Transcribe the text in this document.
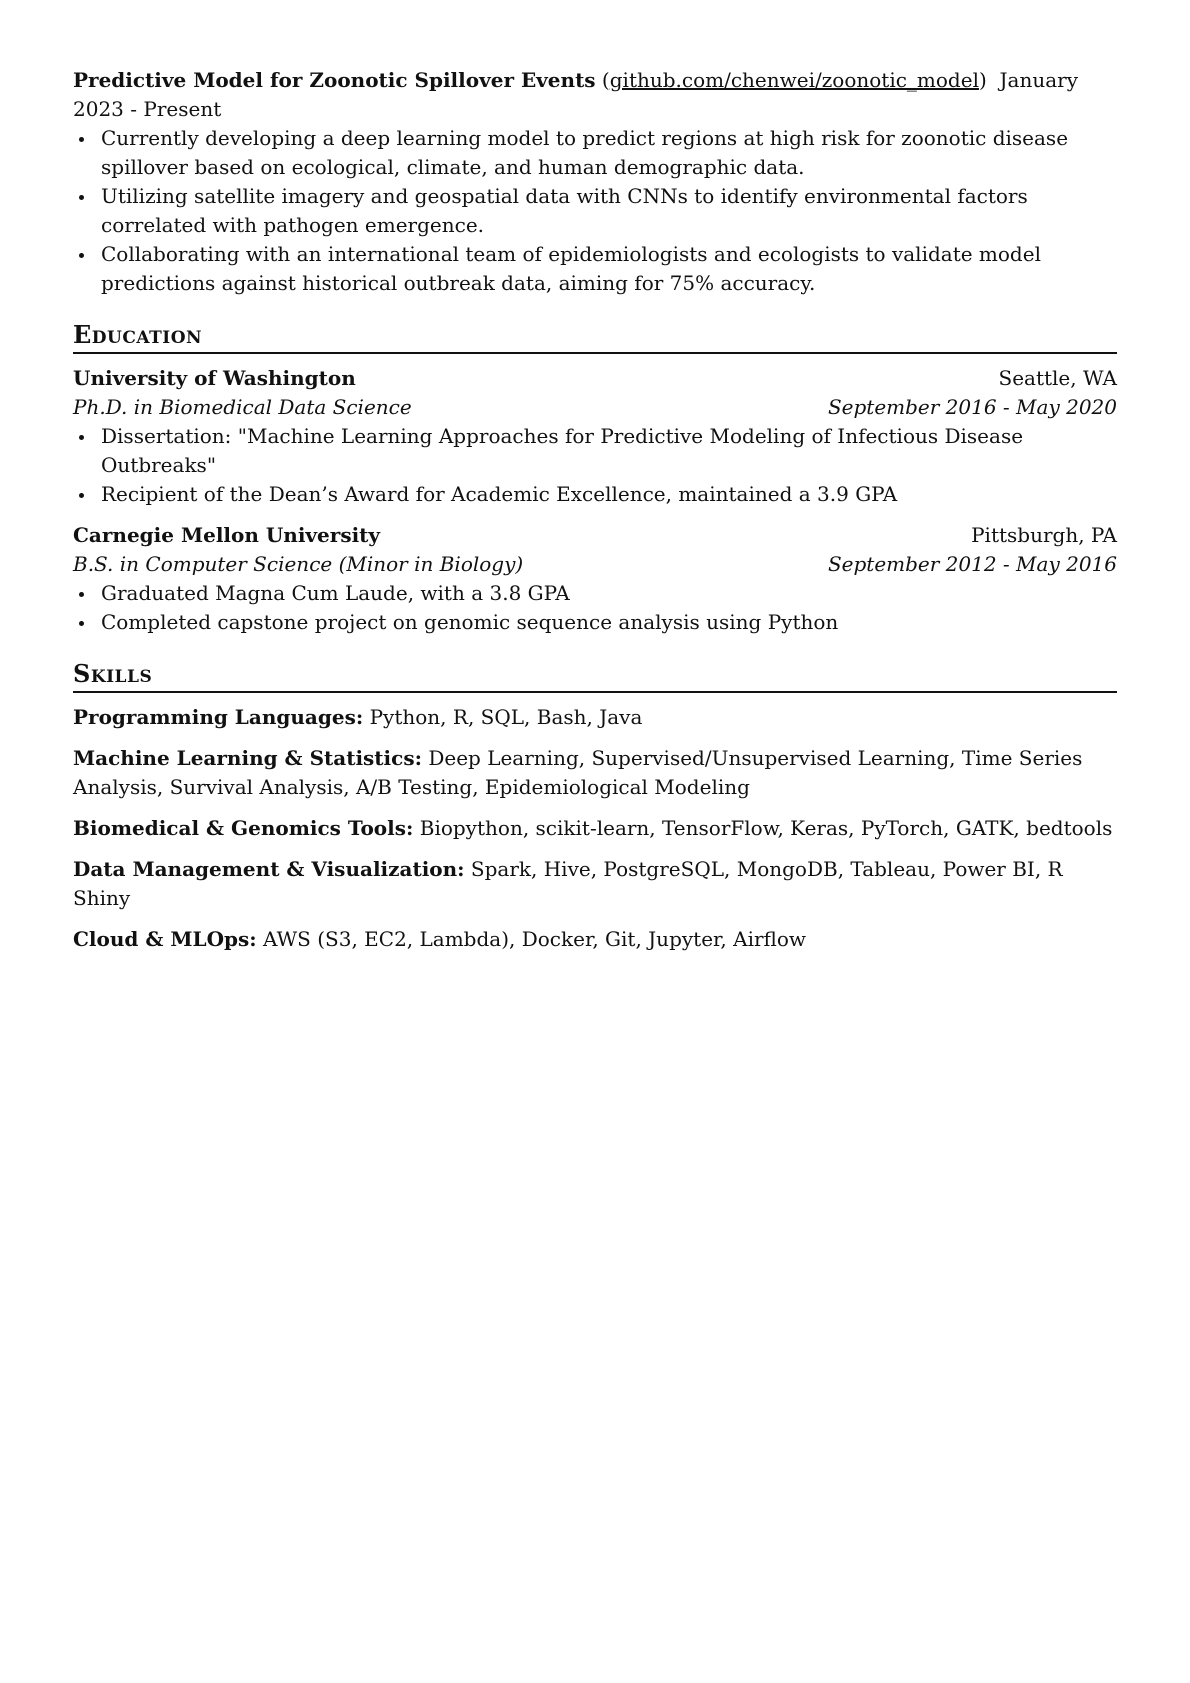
Predictive Model for Zoonotic Spillover Events (github.com/chenwei/zoonotic_model) January 2023 - Present
Currently developing a deep learning model to predict regions at high risk for zoonotic disease spillover based on ecological, climate, and human demographic data.
Utilizing satellite imagery and geospatial data with CNNs to identify environmental factors correlated with pathogen emergence.
Collaborating with an international team of epidemiologists and ecologists to validate model predictions against historical outbreak data, aiming for 75% accuracy.
Education
University of Washington	Seattle, WA
Ph.D. in Biomedical Data Science	September 2016 - May 2020
Dissertation: "Machine Learning Approaches for Predictive Modeling of Infectious Disease Outbreaks"
Recipient of the Dean’s Award for Academic Excellence, maintained a 3.9 GPA
Carnegie Mellon University	Pittsburgh, PA
B.S. in Computer Science (Minor in Biology)	September 2012 - May 2016
Graduated Magna Cum Laude, with a 3.8 GPA
Completed capstone project on genomic sequence analysis using Python
Skills
Programming Languages: Python, R, SQL, Bash, Java
Machine Learning & Statistics: Deep Learning, Supervised/Unsupervised Learning, Time Series Analysis, Survival Analysis, A/B Testing, Epidemiological Modeling
Biomedical & Genomics Tools: Biopython, scikit-learn, TensorFlow, Keras, PyTorch, GATK, bedtools
Data Management & Visualization: Spark, Hive, PostgreSQL, MongoDB, Tableau, Power BI, R Shiny
Cloud & MLOps: AWS (S3, EC2, Lambda), Docker, Git, Jupyter, Airflow
